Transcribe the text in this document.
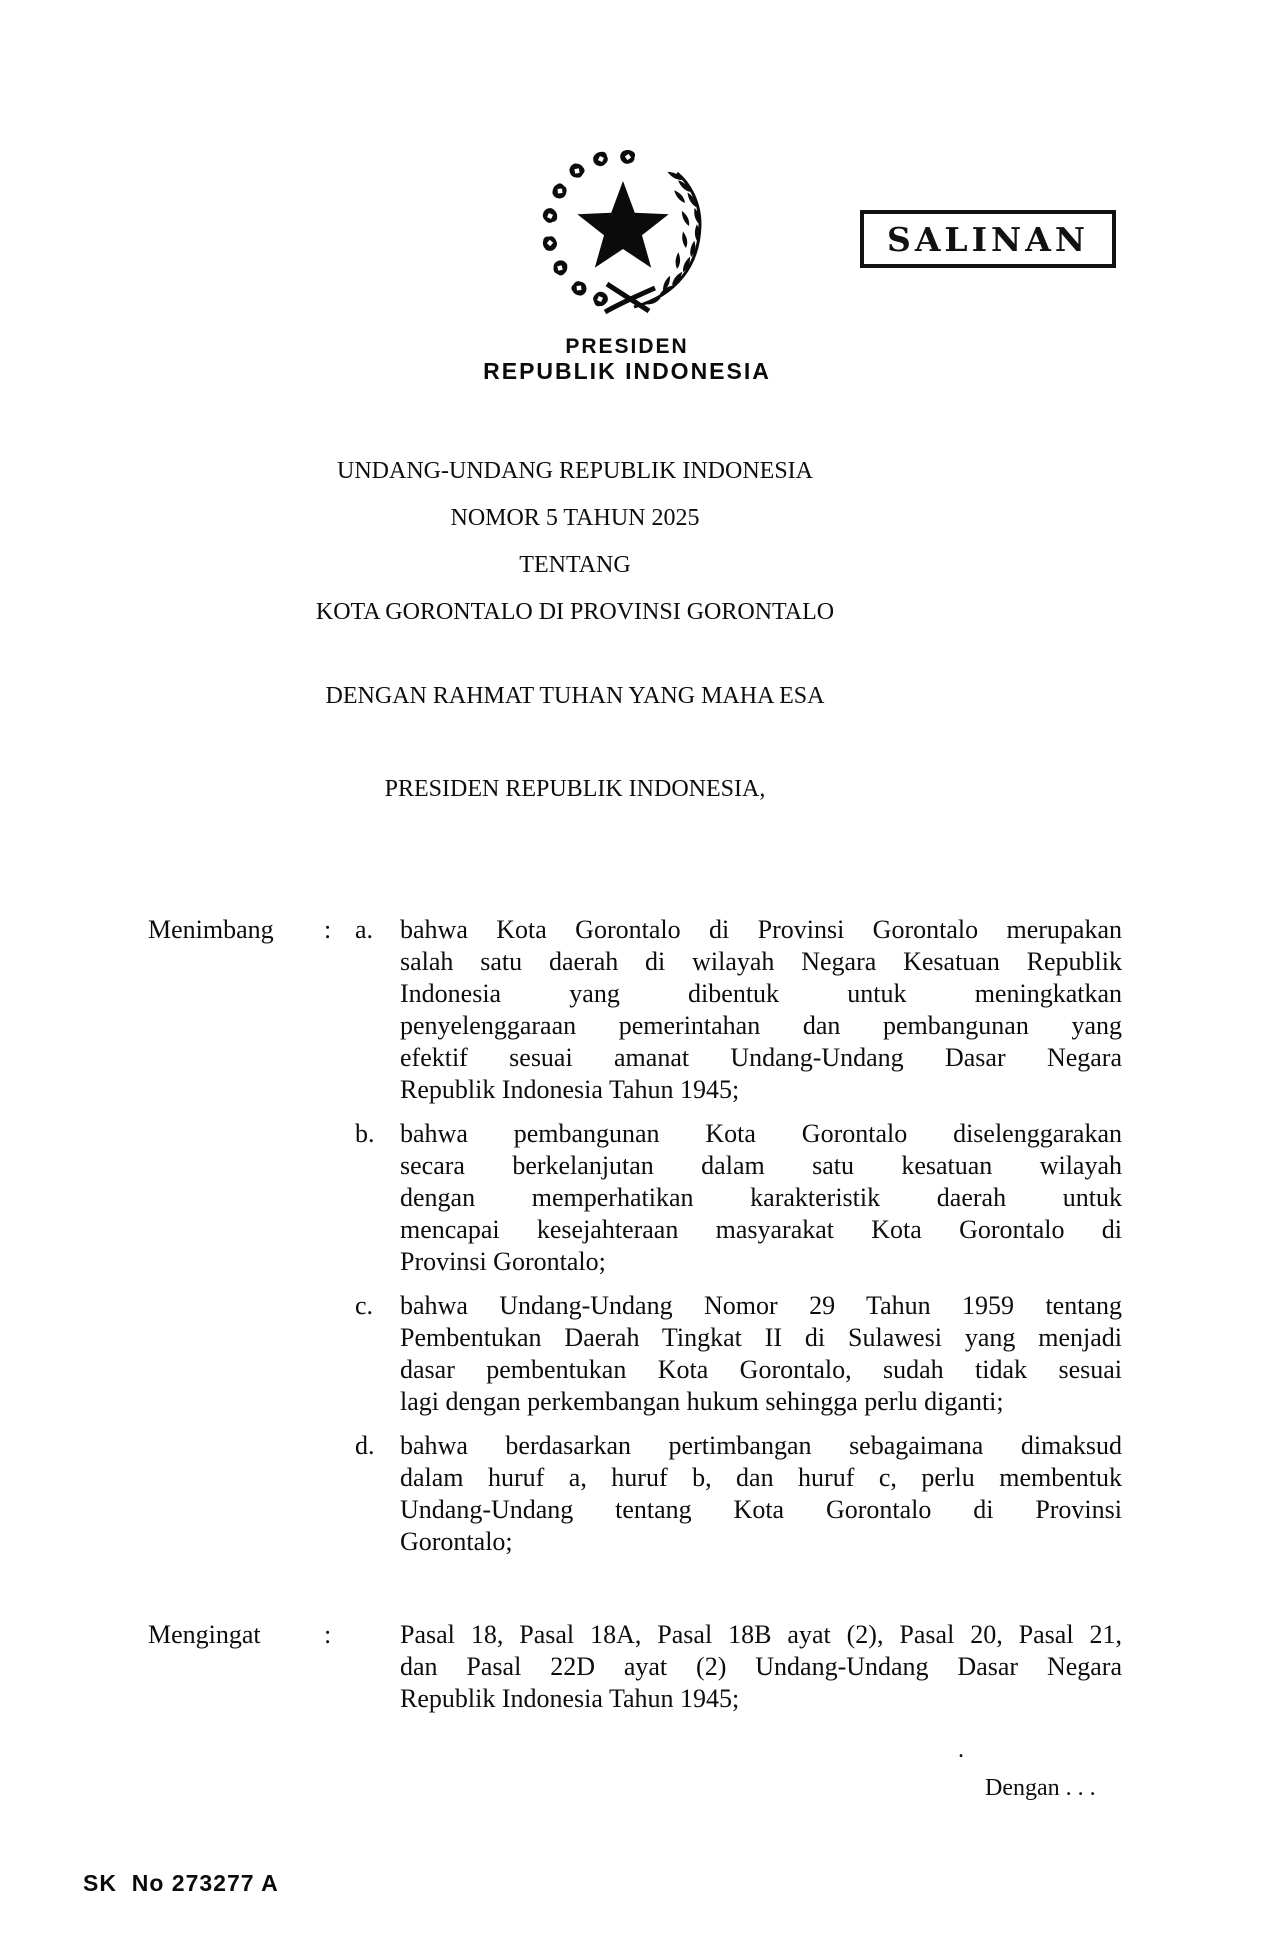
SALINAN
PRESIDEN
REPUBLIK INDONESIA
UNDANG-UNDANG REPUBLIK INDONESIA
NOMOR 5 TAHUN 2025
TENTANG
KOTA GORONTALO DI PROVINSI GORONTALO
DENGAN RAHMAT TUHAN YANG MAHA ESA
PRESIDEN REPUBLIK INDONESIA,
Menimbang	: a.	bahwa Kota Gorontalo di Provinsi Gorontalo merupakan
salah satu daerah di wilayah Negara Kesatuan Republik
Indonesia yang dibentuk untuk meningkatkan
penyelenggaraan pemerintahan dan pembangunan yang
efektif sesuai amanat Undang-Undang Dasar Negara
Republik Indonesia Tahun 1945;
b. bahwa pembangunan Kota Gorontalo diselenggarakan
secara berkelanjutan dalam satu kesatuan wilayah
dengan memperhatikan karakteristik daerah untuk
mencapai kesejahteraan masyarakat Kota Gorontalo di
Provinsi Gorontalo;
c.	bahwa Undang-Undang Nomor 29 Tahun 1959 tentang
Pembentukan Daerah Tingkat II di Sulawesi yang menjadi
dasar pembentukan Kota Gorontalo, sudah tidak sesuai
lagi dengan perkembangan hukum sehingga perlu diganti;
d. bahwa berdasarkan pertimbangan sebagaimana dimaksud
dalam huruf a, huruf b, dan huruf c, perlu membentuk
Undang-Undang tentang Kota Gorontalo di Provinsi
Gorontalo;
Mengingat	:	Pasal 18, Pasal 18A, Pasal 18B ayat (2), Pasal 20, Pasal 21,
dan Pasal 22D ayat (2) Undang-Undang Dasar Negara
Republik Indonesia Tahun 1945;
.
Dengan . . .
SK  No 273277 A
